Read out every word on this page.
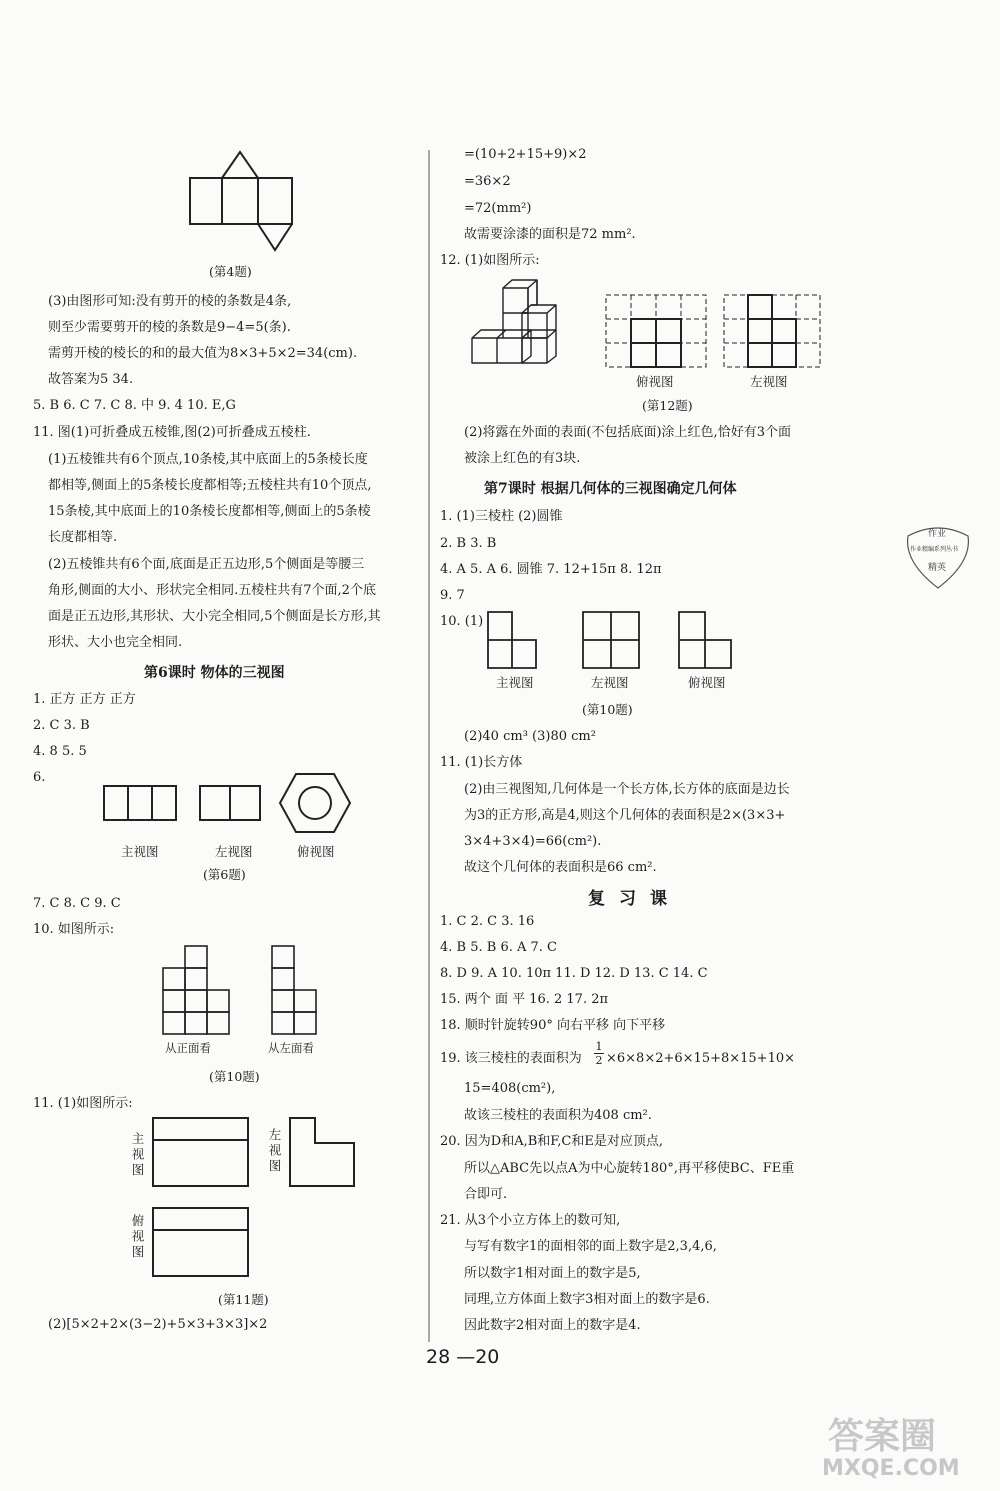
(第4题)
(3)由图形可知:没有剪开的棱的条数是4条,
则至少需要剪开的棱的条数是9−4=5(条).
需剪开棱的棱长的和的最大值为8×3+5×2=34(cm).
故答案为5 34.
5. B 6. C 7. C 8. 中 9. 4 10. E,G
11. 图(1)可折叠成五棱锥,图(2)可折叠成五棱柱.
(1)五棱锥共有6个顶点,10条棱,其中底面上的5条棱长度
都相等,侧面上的5条棱长度都相等;五棱柱共有10个顶点,
15条棱,其中底面上的10条棱长度都相等,侧面上的5条棱
长度都相等.
(2)五棱锥共有6个面,底面是正五边形,5个侧面是等腰三
角形,侧面的大小、形状完全相同.五棱柱共有7个面,2个底
面是正五边形,其形状、大小完全相同,5个侧面是长方形,其
形状、大小也完全相同.
第6课时 物体的三视图
1. 正方 正方 正方
2. C 3. B
4. 8 5. 5
6.
主视图	左视图	俯视图
(第6题)
7. C 8. C 9. C
10. 如图所示:
从正面看	从左面看
(第10题)
11. (1)如图所示:
主视图	左视图
俯视图
(第11题)
(2)[5×2+2×(3−2)+5×3+3×3]×2
=(10+2+15+9)×2
=36×2
=72(mm²)
故需要涂漆的面积是72 mm².
12. (1)如图所示:
俯视图	左视图
(第12题)
(2)将露在外面的表面(不包括底面)涂上红色,恰好有3个面
被涂上红色的有3块.
第7课时 根据几何体的三视图确定几何体
1. (1)三棱柱 (2)圆锥
2. B 3. B
4. A 5. A 6. 圆锥 7. 12+15π 8. 12π
9. 7
10. (1)
主视图	左视图	俯视图
(第10题)
(2)40 cm³ (3)80 cm²
11. (1)长方体
(2)由三视图知,几何体是一个长方体,长方体的底面是边长
为3的正方形,高是4,则这个几何体的表面积是2×(3×3+
3×4+3×4)=66(cm²).
故这个几何体的表面积是66 cm².
复习课
1. C 2. C 3. 16
4. B 5. B 6. A 7. C
8. D 9. A 10. 10π 11. D 12. D 13. C 14. C
15. 两个 面 平 16. 2 17. 2π
18. 顺时针旋转90° 向右平移 向下平移
19. 该三棱柱的表面积为 $\frac{1}{2} \times 6\times 8\times 2+6\times 15+8\times 15+10\times$
15=408(cm²),
故该三棱柱的表面积为408 cm².
20. 因为D和A,B和F,C和E是对应顶点,
所以△ABC先以点A为中心旋转180°,再平移使BC、FE重
合即可.
21. 从3个小立方体上的数可知,
与写有数字1的面相邻的面上数字是2,3,4,6,
所以数字1相对面上的数字是5,
同理,立方体面上数字3相对面上的数字是6.
因此数字2相对面上的数字是4.
作业
作业精编系列丛书
精英
28 —20
答案圈
MXQE.COM
